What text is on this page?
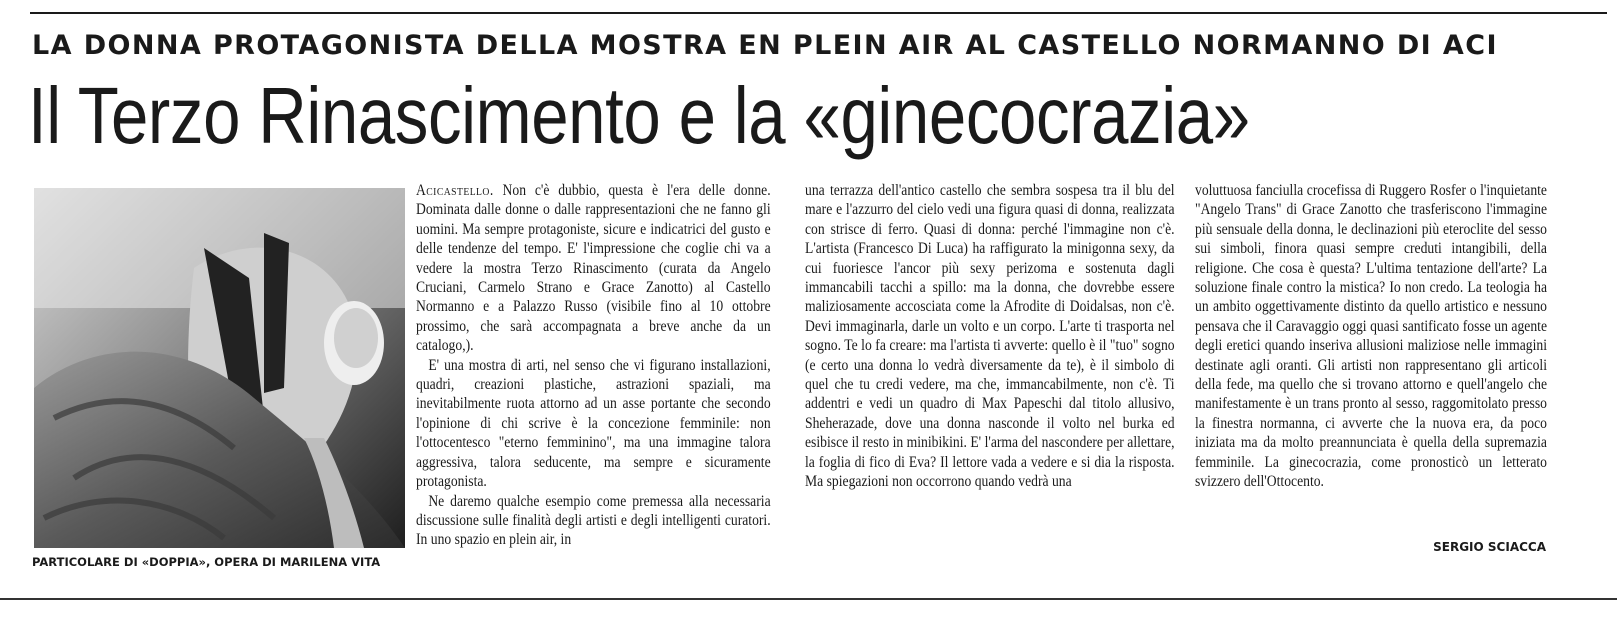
LA DONNA PROTAGONISTA DELLA MOSTRA EN PLEIN AIR AL CASTELLO NORMANNO DI ACI
Il Terzo Rinascimento e la «ginecocrazia»
PARTICOLARE DI «DOPPIA», OPERA DI MARILENA VITA

Acicastello. Non c'è dubbio, questa è l'era delle donne. Dominata dalle donne o dalle rappresentazioni che ne fanno gli uomini. Ma sempre protagoniste, sicure e indicatrici del gusto e delle tendenze del tempo. E' l'impressione che coglie chi va a vedere la mostra Terzo Rinascimento (curata da Angelo Cruciani, Carmelo Strano e Grace Zanotto) al Castello Normanno e a Palazzo Russo (visibile fino al 10 ottobre prossimo, che sarà accompagnata a breve anche da un catalogo,).

E' una mostra di arti, nel senso che vi figurano installazioni, quadri, creazioni plastiche, astrazioni spaziali, ma inevitabilmente ruota attorno ad un asse portante che secondo l'opinione di chi scrive è la concezione femminile: non l'ottocentesco "eterno femminino", ma una immagine talora aggressiva, talora seducente, ma sempre e sicuramente protagonista.

Ne daremo qualche esempio come premessa alla necessaria discussione sulle finalità degli artisti e degli intelligenti curatori. In uno spazio en plein air, in

una terrazza dell'antico castello che sembra sospesa tra il blu del mare e l'azzurro del cielo vedi una figura quasi di donna, realizzata con strisce di ferro. Quasi di donna: perché l'immagine non c'è. L'artista (Francesco Di Luca) ha raffigurato la minigonna sexy, da cui fuoriesce l'ancor più sexy perizoma e sostenuta dagli immancabili tacchi a spillo: ma la donna, che dovrebbe essere maliziosamente accosciata come la Afrodite di Doidalsas, non c'è. Devi immaginarla, darle un volto e un corpo. L'arte ti trasporta nel sogno. Te lo fa creare: ma l'artista ti avverte: quello è il "tuo" sogno (e certo una donna lo vedrà diversamente da te), è il simbolo di quel che tu credi vedere, ma che, immancabilmente, non c'è. Ti addentri e vedi un quadro di Max Papeschi dal titolo allusivo, Sheherazade, dove una donna nasconde il volto nel burka ed esibisce il resto in minibikini. E' l'arma del nascondere per allettare, la foglia di fico di Eva? Il lettore vada a vedere e si dia la risposta. Ma spiegazioni non occorrono quando vedrà una

voluttuosa fanciulla crocefissa di Ruggero Rosfer o l'inquietante "Angelo Trans" di Grace Zanotto che trasferiscono l'immagine più sensuale della donna, le declinazioni più eteroclite del sesso sui simboli, finora quasi sempre creduti intangibili, della religione. Che cosa è questa? L'ultima tentazione dell'arte? La soluzione finale contro la mistica? Io non credo. La teologia ha un ambito oggettivamente distinto da quello artistico e nessuno pensava che il Caravaggio oggi quasi santificato fosse un agente degli eretici quando inseriva allusioni maliziose nelle immagini destinate agli oranti. Gli artisti non rappresentano gli articoli della fede, ma quello che si trovano attorno e quell'angelo che manifestamente è un trans pronto al sesso, raggomitolato presso la finestra normanna, ci avverte che la nuova era, da poco iniziata ma da molto preannunciata è quella della supremazia femminile. La ginecocrazia, come pronosticò un letterato svizzero dell'Ottocento.

SERGIO SCIACCA
